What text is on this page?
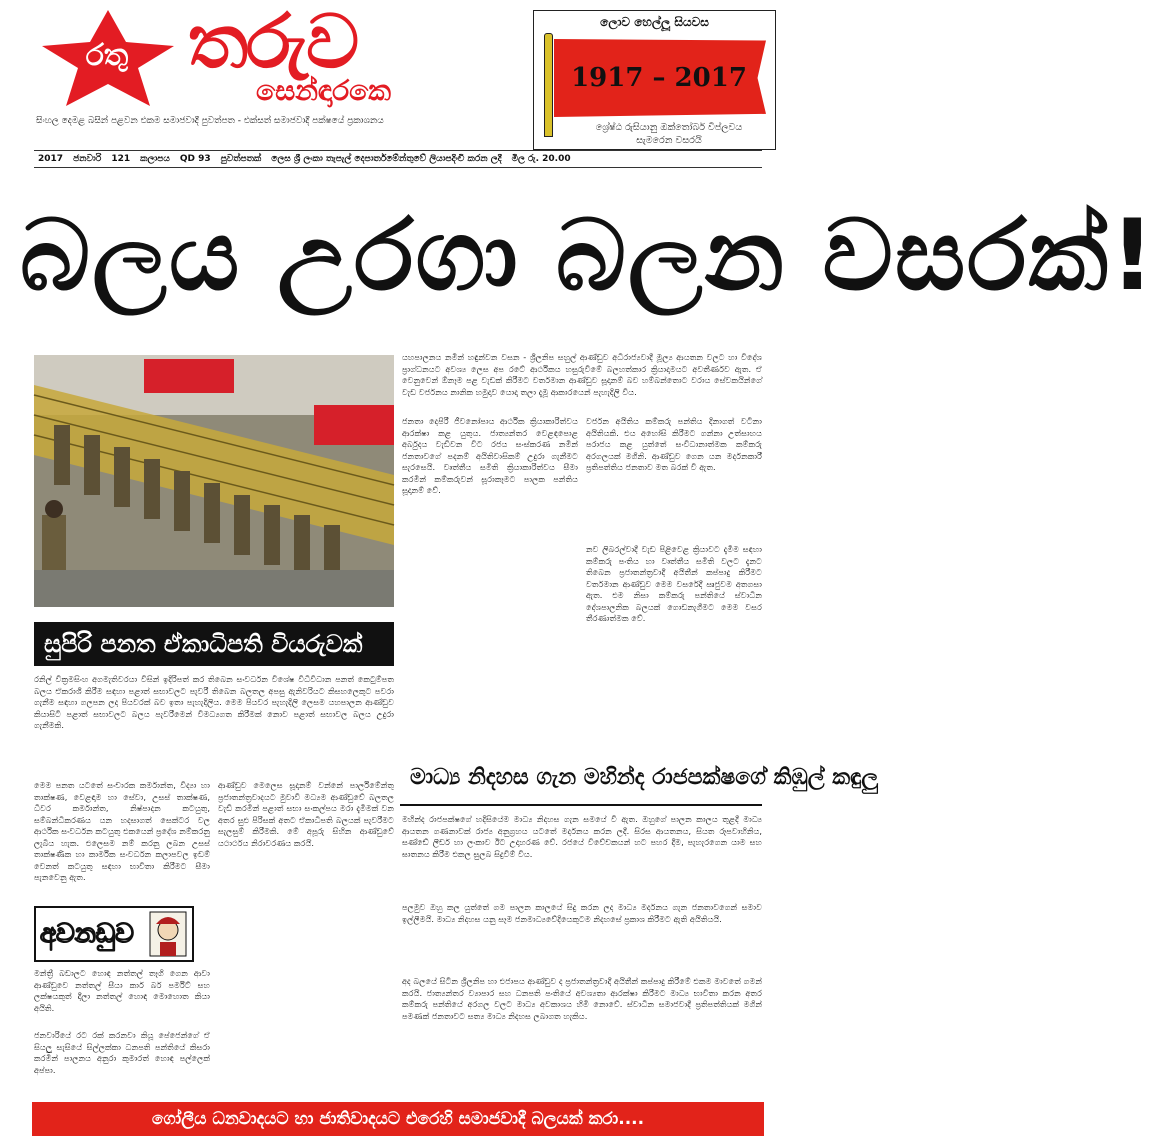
රතු තරුව
සෙන්ඳාරකෙ
සිංහල දෙමළ බසින් පළවන එකම සමාජවාදී පුවත්පත - එක්සත් සමාජවාදී පක්ෂයේ ප්‍රකාශනය
ලොව හෙල්ලූ සියවස
1917 – 2017
ශ්‍රේෂ්ඨ රුසියානු ඔක්තෝබර් විප්ලවය
සැමරෙන වසරයි
2017 ජනවාරි 121 කලාපය QD 93 පුවත්පතක් ලෙස ශ්‍රී ලංකා තැපැල් දෙපාර්තමේන්තුවේ ලියාපදිංචි කරන ලදී මිල රු. 20.00
බලය උරගා බලන වසරක්!
සුපිරි පනත ඒකාධිපති වියරුවක්
යහපාලනය නමින් හඳුන්වන වසන - ශ්‍රීලනිප සහුල් ආණ්ඩුව අධිරාජ්‍යවාදී මූල්‍ය ආයතන වලට හා විදේශ ප්‍රාග්ධනයට අවශ්‍ය ලෙස අප රටේ ආර්ථිකය හසුරුවීමේ බලහත්කාර ක්‍රියාදාමයට අවතීර්ණව ඇත. ඒ වෙනුවෙන් ඕනෑම පළ වැඩක් කිරීමට වර්තමාන ආණ්ඩුව සූදානම් බව හම්බන්තොට වරාය සේවකයින්ගේ වැඩ වර්ජනය නානික හමුදාව යොදා තලා දැමූ ආකාරයෙන් පැහැදිලි විය.
ජනතා දෙපිරී ජීවනෝපාය ආර්ථික ක්‍රියාකාරිත්වය ආරක්ෂා කළ යුතුය. ජාත්‍යන්තර වෙළඳපොළ අර්බුදය වැඩිවන විට රජය සංස්කරණ නමින් ජනතාවගේ පදනම් අයිතිවාසිකම් උදුරා ගැනීමට සැරසෙයි. වෘත්තීය සමිති ක්‍රියාකාරිත්වය සීමා කරමින් කම්කරුවන් සූරාකෑමට පාලක පන්තිය සූදානම් වේ.
වර්ජන අයිතිය කම්කරු පන්තිය දිනාගත් වටිනා අයිතියකි. එය අහෝසි කිරීමට ගන්නා උත්සාහය පරාජය කළ යුත්තේ සංවිධානාත්මක කම්කරු අරගලයක් මගිනි. ආණ්ඩුව ගෙන යන මර්දනකාරී ප්‍රතිපත්තිය ජනතාව මත බරක් වී ඇත.
නව ලිබරල්වාදී වැඩ පිළිවෙළ ක්‍රියාවට දැමීම සඳහා කම්කරු පංතිය හා වෘත්තීය සමිති වලට දැනට තිබෙන ප්‍රජාතන්ත්‍රවාදී අයිතීන් කප්පාදු කිරීමට වර්තමාන ආණ්ඩුව මෙම වසරේදී ඍජුවම අතගසා ඇත. එම නිසා කම්කරු පන්තියේ ස්වාධීන දේශපාලනික බලයක් ගොඩනැගීමට මෙම වසර තීරණාත්මක වේ.
රනිල් වික්‍රමසිංහ අගමැතිවරයා විසින් ඉදිරිපත් කර තිබෙන සංවර්ධන විශේෂ විධිවිධාන පනත් කෙටුම්පත බලය ඒකරාශී කිරීම සඳහා පළාත් සභාවලට පැවරී තිබෙන බලතල අපසු ඇනිවරියට කිසහලෙකුට පවරා ගැනීම සඳහා ගලපන ලද පියවරක් බව ඉතා පැහැදිලිය. මෙම පියවර පැහැදිලි ලෙසම යහපාලන ආණ්ඩුව කියාසිටි පළාත් සභාවලට බලය පැවරීමෙන් විමධ්‍යගත කිරීමක් නොව පළාත් සභාවල බලය උදුරා ගැනීමකි.
මෙම පනත යටතේ සංචාරක කර්මාන්ත, විද්‍යා හා තාක්ෂණ, වෙළඳාම හා සේවා, උසස් තාක්ෂණ, ධීවර කර්මාන්ත, නිෂ්පාදන කටයුතු, සම්බන්ධීකරණය යන හදසාගත් සෙක්ටර වල ආර්ථික සංවර්ධන කටයුතු එකයෙන් ප්‍රදේශ නම්කරනු ලැබිය හැක. එලෙසම නම් කරනු ලබන උසස් තාක්ෂණික හා කාර්මික සංවර්ධන කලාපවල ඉඩම් වෙනත් කටයුතු සඳහා භාවිතා කිරීමට සීමා පැනවෙනු ඇත.
ආණ්ඩුව මෙලෙස සූදානම් වන්නේ පාර්ලිමේන්තු ප්‍රජාතන්ත්‍රවාදයට මුවාවී මධ්‍යම ආණ්ඩුවේ බලතල වැඩි කරමින් පළාත් සභා සංකල්පය මරා දැමීමක් වන අතර සුළු පිරිසක් අතට ඒකාධිපති බලයක් පැවරීමට සැලසුම් කිරීමකි. මේ අපූරු සිහින ආණ්ඩුවේ යථාර්ථය නිරාවරණය කරයි.
මාධ්‍ය නිදහස ගැන මහින්ද රාජපක්ෂගේ කිඹුල් කඳුලු
මහින්ද රාජපක්ෂගේ හදිසියේම මාධ්‍ය නිදහස ගැන සමයේ වී ඇත. ඔහුගේ පාලන කාලය තුළදී මාධ්‍ය ආයතන ගණනාවක් රාජ්‍ය අනුග්‍රහය යටතේ මර්දනය කරන ලදී. සිරස ආයතනය, සියත රූපවාහිනිය, සණ්ඩේ ලීඩර් හා ලංකාව ඊට උදාහරණ වේ. රජයේ විවේචකයන් හට පහර දීම, පැහැරගෙන යාම සහ ඝාතනය කිරීම එකල සුලබ සිදුවීම් විය.
පලමුව ඔහු කල යුත්තේ ගම පාලන කාලයේ සිදු කරන ලද මාධ්‍ය මර්දනය ගැන ජනතාවගෙන් සමාව ඉල්ලීමයි. මාධ්‍ය නිදහස යනු සෑම ජනමාධ්‍යවේදියෙකුටම නිදහසේ ප්‍රකාශ කිරීමට ඇති අයිතියයි.
අද බලයේ සිටින ශ්‍රීලනිප හා එජාපය ආණ්ඩුව ද ප්‍රජාතන්ත්‍රවාදී අයිතීන් කප්පාදු කිරීමේ එකම මාවතේ ගමන් කරයි. ජාත්‍යන්තර ව්‍යාපාර සහ ධනපති පංතියේ අවශ්‍යතා ආරක්ෂා කිරීමට මාධ්‍ය භාවිතා කරන අතර කම්කරු පන්තියේ අරගල වලට මාධ්‍ය අවකාශය හිමි නොවේ. ස්වාධීන සමාජවාදී ප්‍රතිපත්තියක් මගින් පමණක් ජනතාවට සත්‍ය මාධ්‍ය නිදහස ලබාගත හැකිය.
අවනඩුව
මන්ත්‍රී බඩාලට හොඳ නත්තල් තෑගි ගෙන ආවා ආණ්ඩුවෙ නත්තල් සීයා කාර් බර් පර්මිට් සහ ලක්ෂයකුත් දීලා නත්තල් හොඳ මොහොත කියා අයිති.
ජනවාරියේ රට රක් කරනවා කියූ පේජෙන්ගේ ඒ සියලු සැසියේ සිල්ලක්කා ධනපති පන්තියේ කිසරා කරමින් පාලනය අනුරා කුමාරත් හොඳ පල්ලෙක් අප්පා.
ගෝලීය ධනවාදයට හා ජාතිවාදයට එරෙහි සමාජවාදී බලයක් කරා....
